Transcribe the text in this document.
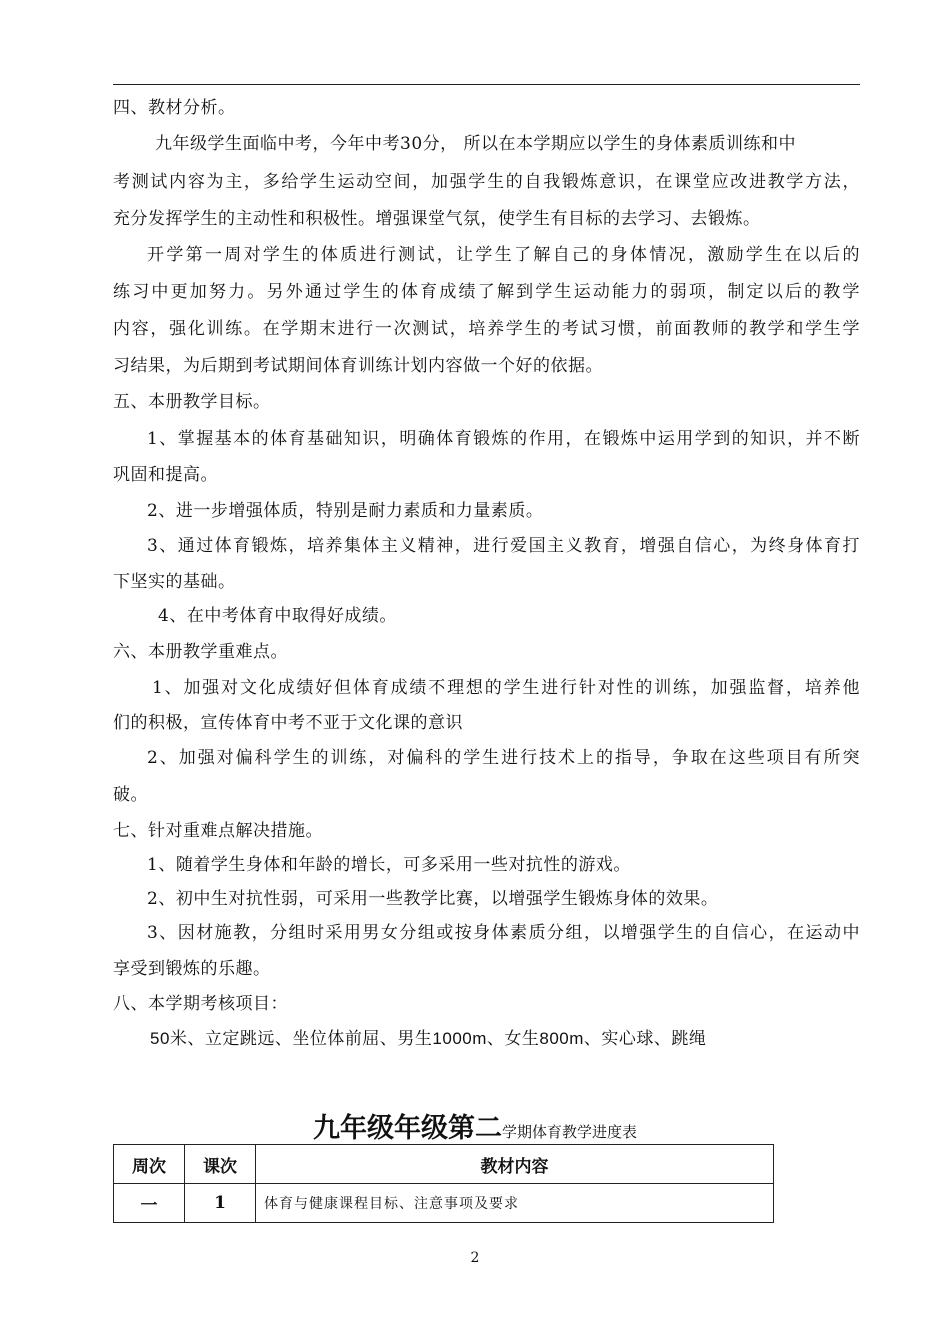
四、教材分析。
九年级学生面临中考，今年中考30分， 所以在本学期应以学生的身体素质训练和中
考测试内容为主，多给学生运动空间，加强学生的自我锻炼意识，在课堂应改进教学方法，
充分发挥学生的主动性和积极性。增强课堂气氛，使学生有目标的去学习、去锻炼。
开学第一周对学生的体质进行测试，让学生了解自己的身体情况，激励学生在以后的
练习中更加努力。另外通过学生的体育成绩了解到学生运动能力的弱项，制定以后的教学
内容，强化训练。在学期末进行一次测试，培养学生的考试习惯，前面教师的教学和学生学
习结果，为后期到考试期间体育训练计划内容做一个好的依据。
五、本册教学目标。
1、掌握基本的体育基础知识，明确体育锻炼的作用，在锻炼中运用学到的知识，并不断
巩固和提高。
2、进一步增强体质，特别是耐力素质和力量素质。
3、通过体育锻炼，培养集体主义精神，进行爱国主义教育，增强自信心，为终身体育打
下坚实的基础。
4、在中考体育中取得好成绩。
六、本册教学重难点。
1、加强对文化成绩好但体育成绩不理想的学生进行针对性的训练，加强监督，培养他
们的积极，宣传体育中考不亚于文化课的意识
2、加强对偏科学生的训练，对偏科的学生进行技术上的指导，争取在这些项目有所突
破。
七、针对重难点解决措施。
1、随着学生身体和年龄的增长，可多采用一些对抗性的游戏。
2、初中生对抗性弱，可采用一些教学比赛，以增强学生锻炼身体的效果。
3、因材施教，分组时采用男女分组或按身体素质分组，以增强学生的自信心，在运动中
享受到锻炼的乐趣。
八、本学期考核项目：
50米、立定跳远、坐位体前屈、男生1000m、女生800m、实心球、跳绳
九年级年级第二学期体育教学进度表
周次	课次	教材内容
一	1	体育与健康课程目标、注意事项及要求
2
